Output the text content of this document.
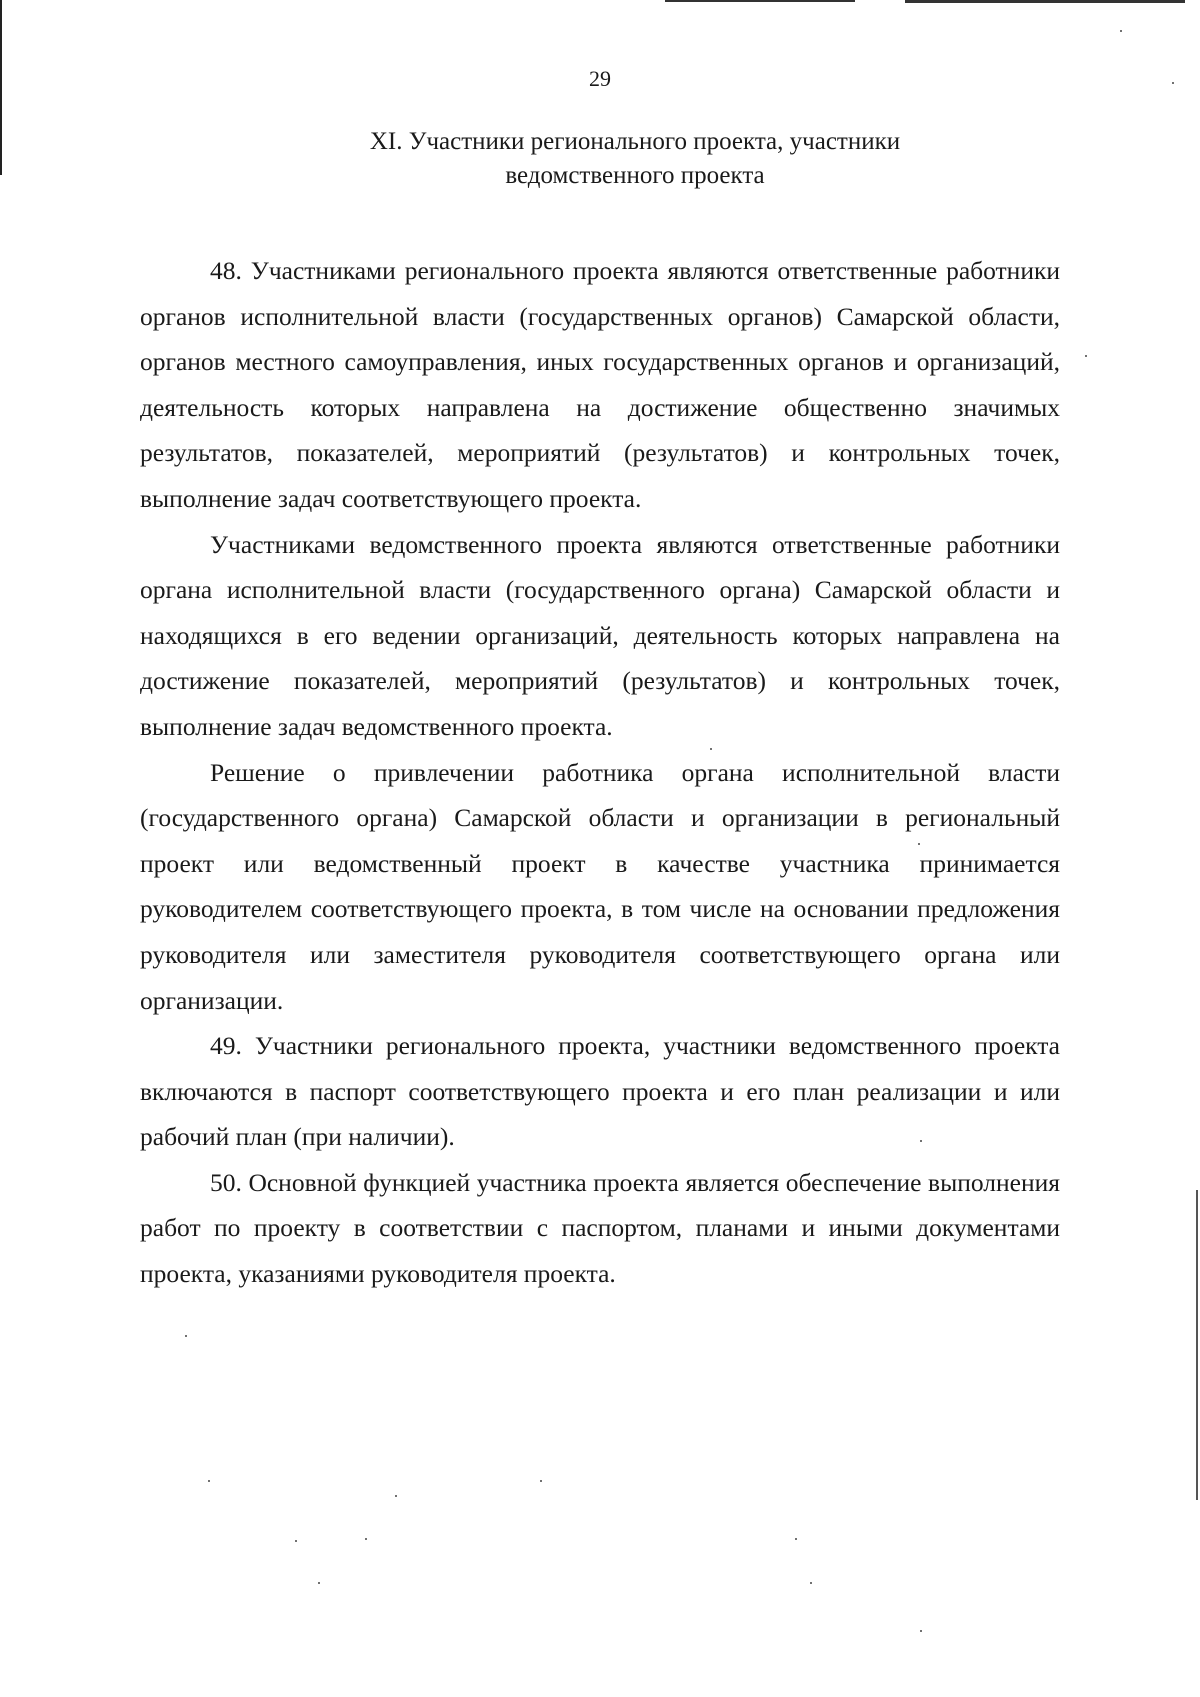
29
XI. Участники регионального проекта, участники
ведомственного проекта

48. Участниками регионального проекта являются ответственные работники органов исполнительной власти (государственных органов) Самарской области, органов местного самоуправления, иных государственных органов и организаций, деятельность которых направлена на достижение общественно значимых результатов, показателей, мероприятий (результатов) и контрольных точек, выполнение задач соответствующего проекта.

Участниками ведомственного проекта являются ответственные работники органа исполнительной власти (государственного органа) Самарской области и находящихся в его ведении организаций, деятельность которых направлена на достижение показателей, мероприятий (результатов) и контрольных точек, выполнение задач ведомственного проекта.

Решение о привлечении работника органа исполнительной власти (государственного органа) Самарской области и организации в региональный проект или ведомственный проект в качестве участника принимается руководителем соответствующего проекта, в том числе на основании предложения руководителя или заместителя руководителя соответствующего органа или организации.

49. Участники регионального проекта, участники ведомственного проекта включаются в паспорт соответствующего проекта и его план реализации и или рабочий план (при наличии).

50. Основной функцией участника проекта является обеспечение выполнения работ по проекту в соответствии с паспортом, планами и иными документами проекта, указаниями руководителя проекта.
